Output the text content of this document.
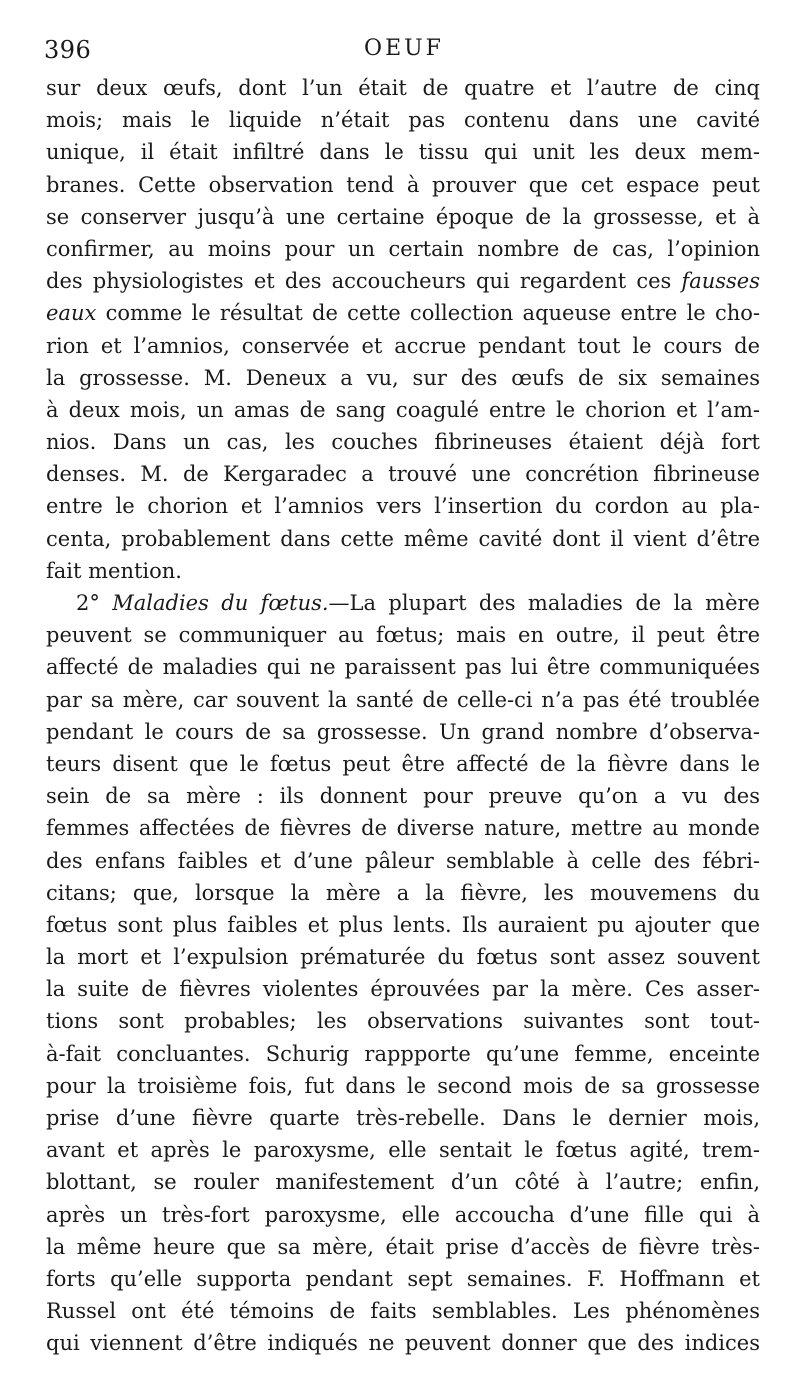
396	OEUF
sur deux œufs, dont l’un était de quatre et l’autre de cinq
mois; mais le liquide n’était pas contenu dans une cavité
unique, il était infiltré dans le tissu qui unit les deux mem-
branes. Cette observation tend à prouver que cet espace peut
se conserver jusqu’à une certaine époque de la grossesse, et à
confirmer, au moins pour un certain nombre de cas, l’opinion
des physiologistes et des accoucheurs qui regardent ces fausses
eaux comme le résultat de cette collection aqueuse entre le cho-
rion et l’amnios, conservée et accrue pendant tout le cours de
la grossesse. M. Deneux a vu, sur des œufs de six semaines
à deux mois, un amas de sang coagulé entre le chorion et l’am-
nios. Dans un cas, les couches fibrineuses étaient déjà fort
denses. M. de Kergaradec a trouvé une concrétion fibrineuse
entre le chorion et l’amnios vers l’insertion du cordon au pla-
centa, probablement dans cette même cavité dont il vient d’être
fait mention.
2° Maladies du fœtus.—La plupart des maladies de la mère
peuvent se communiquer au fœtus; mais en outre, il peut être
affecté de maladies qui ne paraissent pas lui être communiquées
par sa mère, car souvent la santé de celle-ci n’a pas été troublée
pendant le cours de sa grossesse. Un grand nombre d’observa-
teurs disent que le fœtus peut être affecté de la fièvre dans le
sein de sa mère : ils donnent pour preuve qu’on a vu des
femmes affectées de fièvres de diverse nature, mettre au monde
des enfans faibles et d’une pâleur semblable à celle des fébri-
citans; que, lorsque la mère a la fièvre, les mouvemens du
fœtus sont plus faibles et plus lents. Ils auraient pu ajouter que
la mort et l’expulsion prématurée du fœtus sont assez souvent
la suite de fièvres violentes éprouvées par la mère. Ces asser-
tions sont probables; les observations suivantes sont tout-
à-fait concluantes. Schurig rappporte qu’une femme, enceinte
pour la troisième fois, fut dans le second mois de sa grossesse
prise d’une fièvre quarte très-rebelle. Dans le dernier mois,
avant et après le paroxysme, elle sentait le fœtus agité, trem-
blottant, se rouler manifestement d’un côté à l’autre; enfin,
après un très-fort paroxysme, elle accoucha d’une fille qui à
la même heure que sa mère, était prise d’accès de fièvre très-
forts qu’elle supporta pendant sept semaines. F. Hoffmann et
Russel ont été témoins de faits semblables. Les phénomènes
qui viennent d’être indiqués ne peuvent donner que des indices
